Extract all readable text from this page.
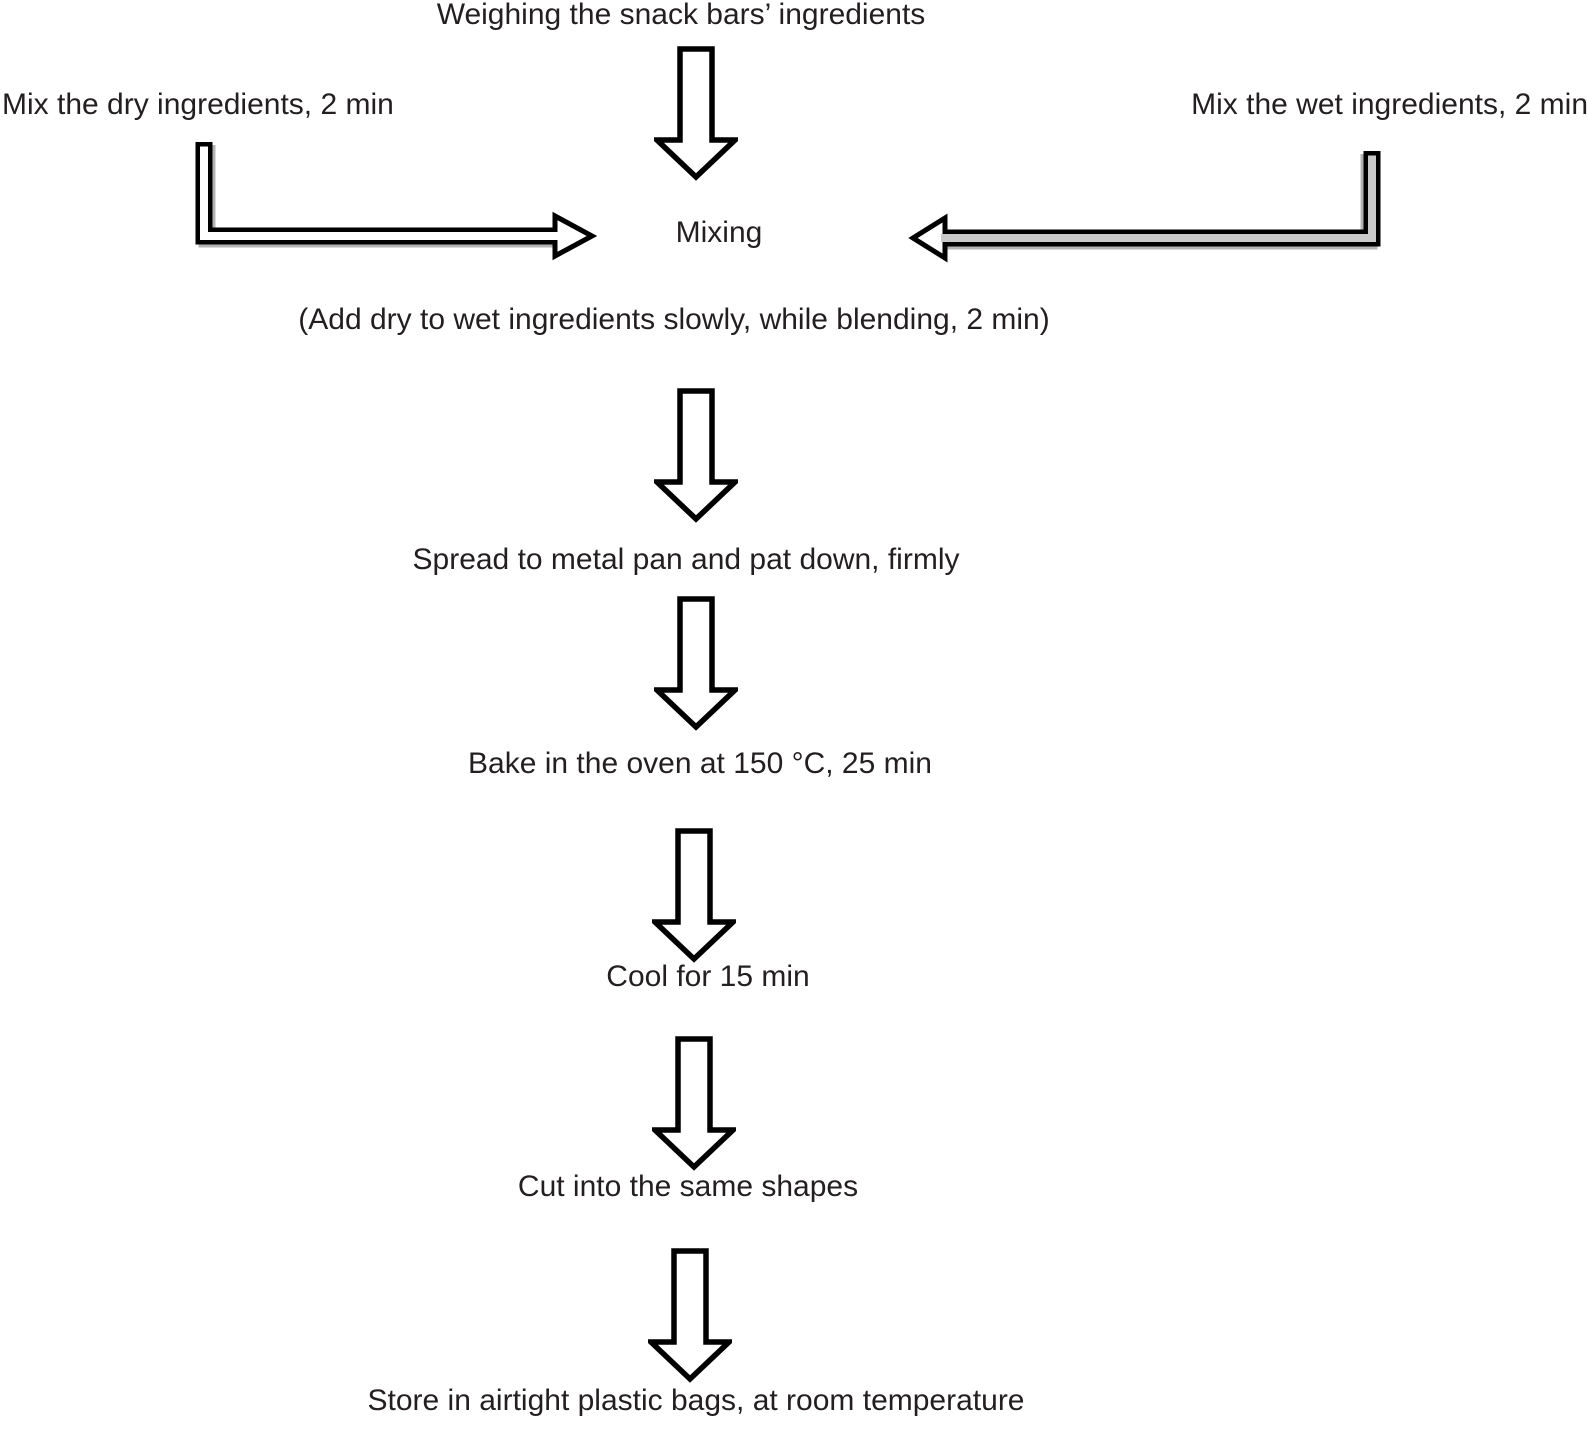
Weighing the snack bars’ ingredients
Mix the dry ingredients, 2 min	Mix the wet ingredients, 2 min
Mixing
(Add dry to wet ingredients slowly, while blending, 2 min)
Spread to metal pan and pat down, firmly
Bake in the oven at 150 °C, 25 min
Cool for 15 min
Cut into the same shapes
Store in airtight plastic bags, at room temperature
